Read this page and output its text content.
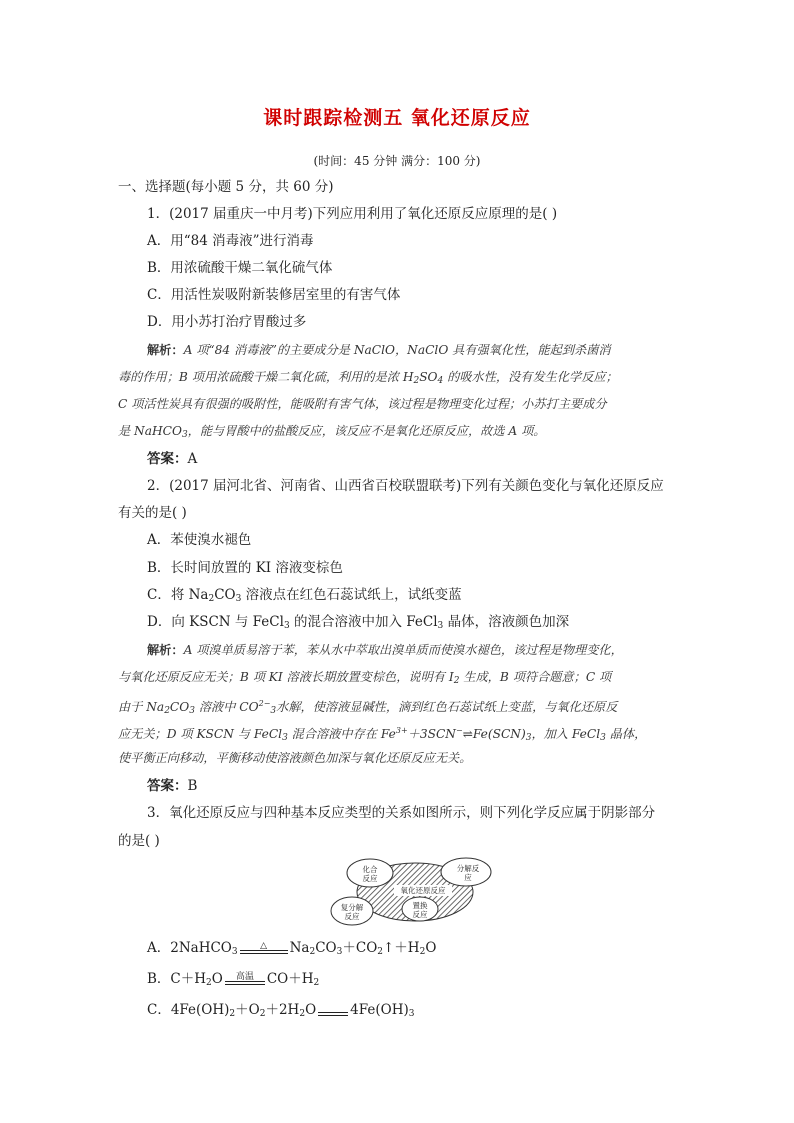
课时跟踪检测五 氧化还原反应
(时间：45 分钟 满分：100 分)
一、选择题(每小题 5 分，共 60 分)
1．(2017 届重庆一中月考)下列应用利用了氧化还原反应原理的是( )
A．用“84 消毒液”进行消毒
B．用浓硫酸干燥二氧化硫气体
C．用活性炭吸附新装修居室里的有害气体
D．用小苏打治疗胃酸过多
解析：A 项“84 消毒液”的主要成分是 NaClO，NaClO 具有强氧化性，能起到杀菌消
毒的作用；B 项用浓硫酸干燥二氧化硫，利用的是浓 $H_2SO_4$ 的吸水性，没有发生化学反应；
C 项活性炭具有很强的吸附性，能吸附有害气体，该过程是物理变化过程；小苏打主要成分
是 NaHCO$_3$，能与胃酸中的盐酸反应，该反应不是氧化还原反应，故选 A 项。
答案：A
2．(2017 届河北省、河南省、山西省百校联盟联考)下列有关颜色变化与氧化还原反应
有关的是( )
A．苯使溴水褪色
B．长时间放置的 KI 溶液变棕色
C．将 $Na_2CO_3$ 溶液点在红色石蕊试纸上，试纸变蓝
D．向 KSCN 与 FeCl$_3$ 的混合溶液中加入 FeCl$_3$ 晶体，溶液颜色加深
解析：A 项溴单质易溶于苯，苯从水中萃取出溴单质而使溴水褪色，该过程是物理变化，
与氧化还原反应无关；B 项 KI 溶液长期放置变棕色，说明有 $I_2$ 生成，B 项符合题意；C 项
由于 $Na_2CO_3$ 溶液中 $CO^{2-}_3$水解，使溶液显碱性，滴到红色石蕊试纸上变蓝，与氧化还原反
应无关；D 项 KSCN 与 FeCl$_3$ 混合溶液中存在 $Fe^{3+}+3SCN^-\rightleftharpoons Fe(SCN)_3$，加入 FeCl$_3$ 晶体，
使平衡正向移动，平衡移动使溶液颜色加深与氧化还原反应无关。
答案：B
3．氧化还原反应与四种基本反应类型的关系如图所示，则下列化学反应属于阴影部分
的是( )
化合
反应
分解反
应
氧化还原反应
复分解
反应
置换
反应
A．2NaHCO$_3$
△	$Na_2CO_3+CO_2↑+H_2O$
B．$C+H_2O$	高温 $CO+H_2$
C．$4Fe(OH)_2+O_2+2H_2O$	$4Fe(OH)_3$
